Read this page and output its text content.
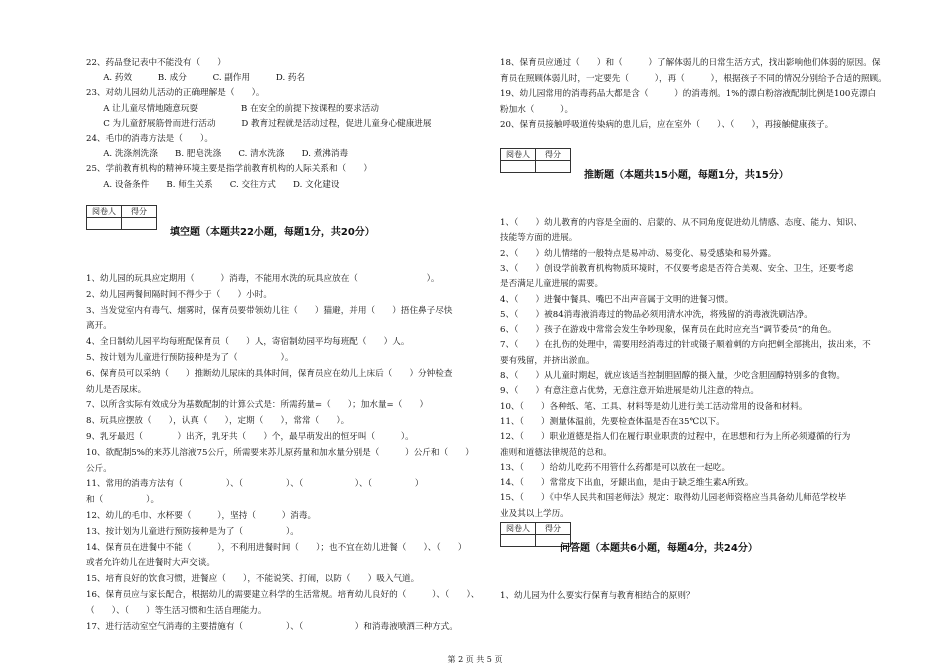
22、药品登记表中不能没有（　　）
　　A. 药效　　　B. 成分　　　C. 副作用　　　D. 药名
23、对幼儿园幼儿活动的正确理解是（　　）。
　　A 让儿童尽情地随意玩耍　　　　　B 在安全的前提下按课程的要求活动
　　C 为儿童舒展筋骨而进行活动　　　D 教育过程就是活动过程，促进儿童身心健康进展
24、毛巾的消毒方法是（　　）。
　　A. 洗涤剂洗涤　　B. 肥皂洗涤　　C. 清水洗涤　　D. 煮沸消毒
25、学前教育机构的精神环境主要是指学前教育机构的人际关系和（　　）
　　A. 设备条件　　B. 师生关系　　C. 交往方式　　D. 文化建设
阅卷人	得分

填空题（本题共22小题，每题1分，共20分）
1、幼儿园的玩具应定期用（　　　）消毒，不能用水洗的玩具应放在（　　　　　　　　）。
2、幼儿园两餐间隔时间不得少于（　　）小时。
3、当发觉室内有毒气、烟雾时，保育员要带领幼儿往（　　）猫避，并用（　　）捂住鼻子尽快
离开。
4、全日制幼儿园平均每班配保育员（　　）人，寄宿制幼园平均每班配（　　）人。
5、按计划为儿童进行预防接种是为了（　　　　　）。
6、保育员可以采纳（　　）推断幼儿尿床的具体时间，保育员应在幼儿上床后（　　）分钟检查
幼儿是否尿床。
7、以所含实际有效成分为基数配制的计算公式是：所需药量=（　　）；加水量=（　　）
8、玩具应摆放（　　），认真（　　），定期（　　），常常（　　）。
9、乳牙最迟（　　　　）出齐，乳牙共（　　）个，最早萌发出的恒牙叫（　　　）。
10、欲配制5%的来苏儿溶液75公斤，所需要来苏儿原药量和加水量分别是（　　　）公斤和（　　）
公斤。
11、常用的消毒方法有（　　　　　）、（　　　　　）、（　　　　　　）、（　　　　　）
和（　　　　　）。
12、幼儿的毛巾、水杯要（　　　），坚持（　　　）消毒。
13、按计划为儿童进行预防接种是为了（　　　　　）。
14、保育员在进餐中不能（　　　），不利用进餐时间（　　）；也不宜在幼儿进餐（　　）、（　　）
或者允许幼儿在进餐时大声交谈。
15、培育良好的饮食习惯，进餐应（　　），不能说笑、打闹，以防（　　）吸入气道。
16、保育员应与家长配合，根据幼儿的需要建立科学的生活常规。培育幼儿良好的（　　　）、（　　）、
（　　）、（　　）等生活习惯和生活自理能力。
17、进行活动室空气消毒的主要措施有（　　　　　）、（　　　　　　）和消毒液喷洒三种方式。
18、保育员应通过（　　）和（　　　）了解体弱儿的日常生活方式，找出影响他们体弱的原因。保
育员在照顾体弱儿时，一定要先（　　　），再（　　　），根据孩子不同的情况分别给予合适的照顾。
19、幼儿园常用的消毒药品大都是含（　　　）的消毒剂。1%的漂白粉溶液配制比例是100克漂白
粉加水（　　　）。
20、保育员接触呼吸道传染病的患儿后，应在室外（　　）、（　　），再接触健康孩子。
阅卷人	得分

推断题（本题共15小题，每题1分，共15分）
1、（　　）幼儿教育的内容是全面的、启蒙的、从不同角度促进幼儿情感、态度、能力、知识、
技能等方面的进展。
2、（　　）幼儿情绪的一般特点是易冲动、易变化、易受感染和易外露。
3、（　　）创设学前教育机构物质环境时，不仅要考虑是否符合美观、安全、卫生，还要考虑
是否满足儿童进展的需要。
4、（　　）进餐中餐具、嘴巴不出声音属于文明的进餐习惯。
5、（　　）被84消毒液消毒过的物品必须用清水冲洗，将残留的消毒液洗刷洁净。
6、（　　）孩子在游戏中常常会发生争吵现象，保育员在此时应充当“调节委员”的角色。
7、（　　）在扎伤的处理中，需要用经消毒过的针或镊子顺着刺的方向把刺全部挑出，拔出来，不
要有残留，并挤出淤血。
8、（　　）从儿童时期起，就应该适当控制胆固醇的摄入量，少吃含胆固醇特别多的食物。
9、（　　）有意注意占优势，无意注意开始进展是幼儿注意的特点。
10、（　　）各种纸、笔、工具、材料等是幼儿进行美工活动常用的设备和材料。
11、（　　）测量体温前，先要检查体温是否在35℃以下。
12、（　　）职业道德是指人们在履行职业职责的过程中，在思想和行为上所必须遵循的行为
准则和道德法律规范的总和。
13、（　　）给幼儿吃药不用管什么药都是可以放在一起吃。
14、（　　）常常皮下出血，牙龈出血，是由于缺乏维生素A所致。
15、（　　）《中华人民共和国老师法》规定：取得幼儿园老师资格应当具备幼儿师范学校毕
业及其以上学历。
阅卷人	得分

问答题（本题共6小题，每题4分，共24分）
1、幼儿园为什么要实行保育与教育相结合的原则？
第 2 页 共 5 页
